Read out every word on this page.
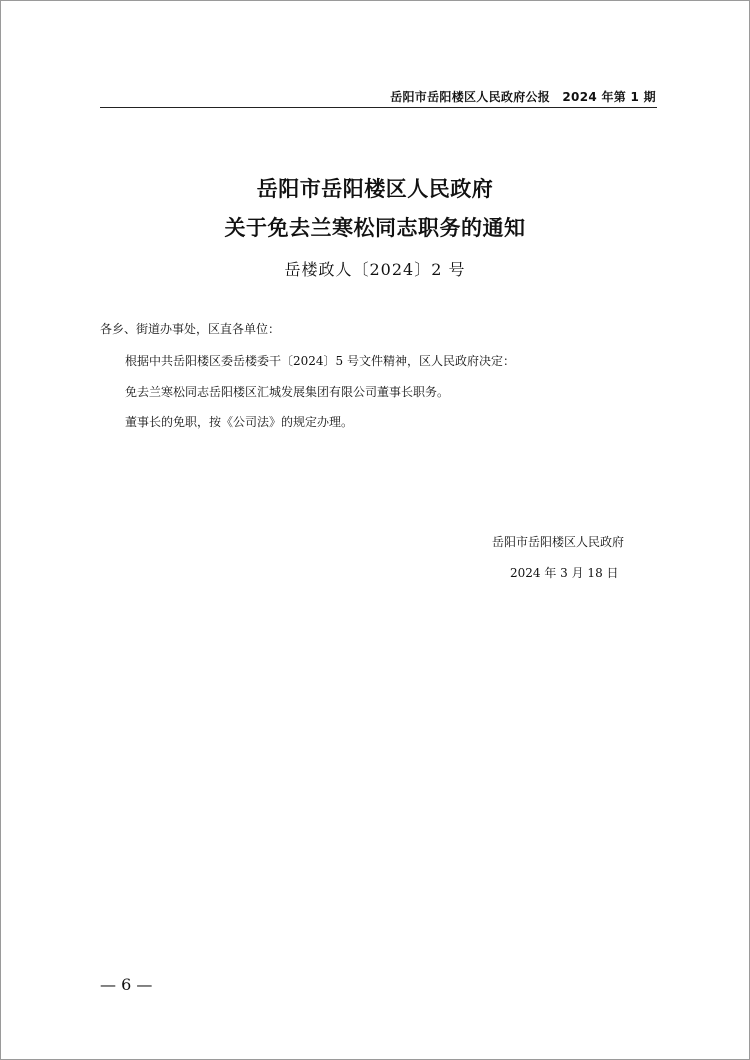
岳阳市岳阳楼区人民政府公报　2024 年第 1 期
岳阳市岳阳楼区人民政府
关于免去兰寒松同志职务的通知
岳楼政人〔2024〕2 号
各乡、街道办事处，区直各单位：
根据中共岳阳楼区委岳楼委干〔2024〕5 号文件精神，区人民政府决定：
免去兰寒松同志岳阳楼区汇城发展集团有限公司董事长职务。
董事长的免职，按《公司法》的规定办理。
岳阳市岳阳楼区人民政府
2024 年 3 月 18 日
— 6 —
